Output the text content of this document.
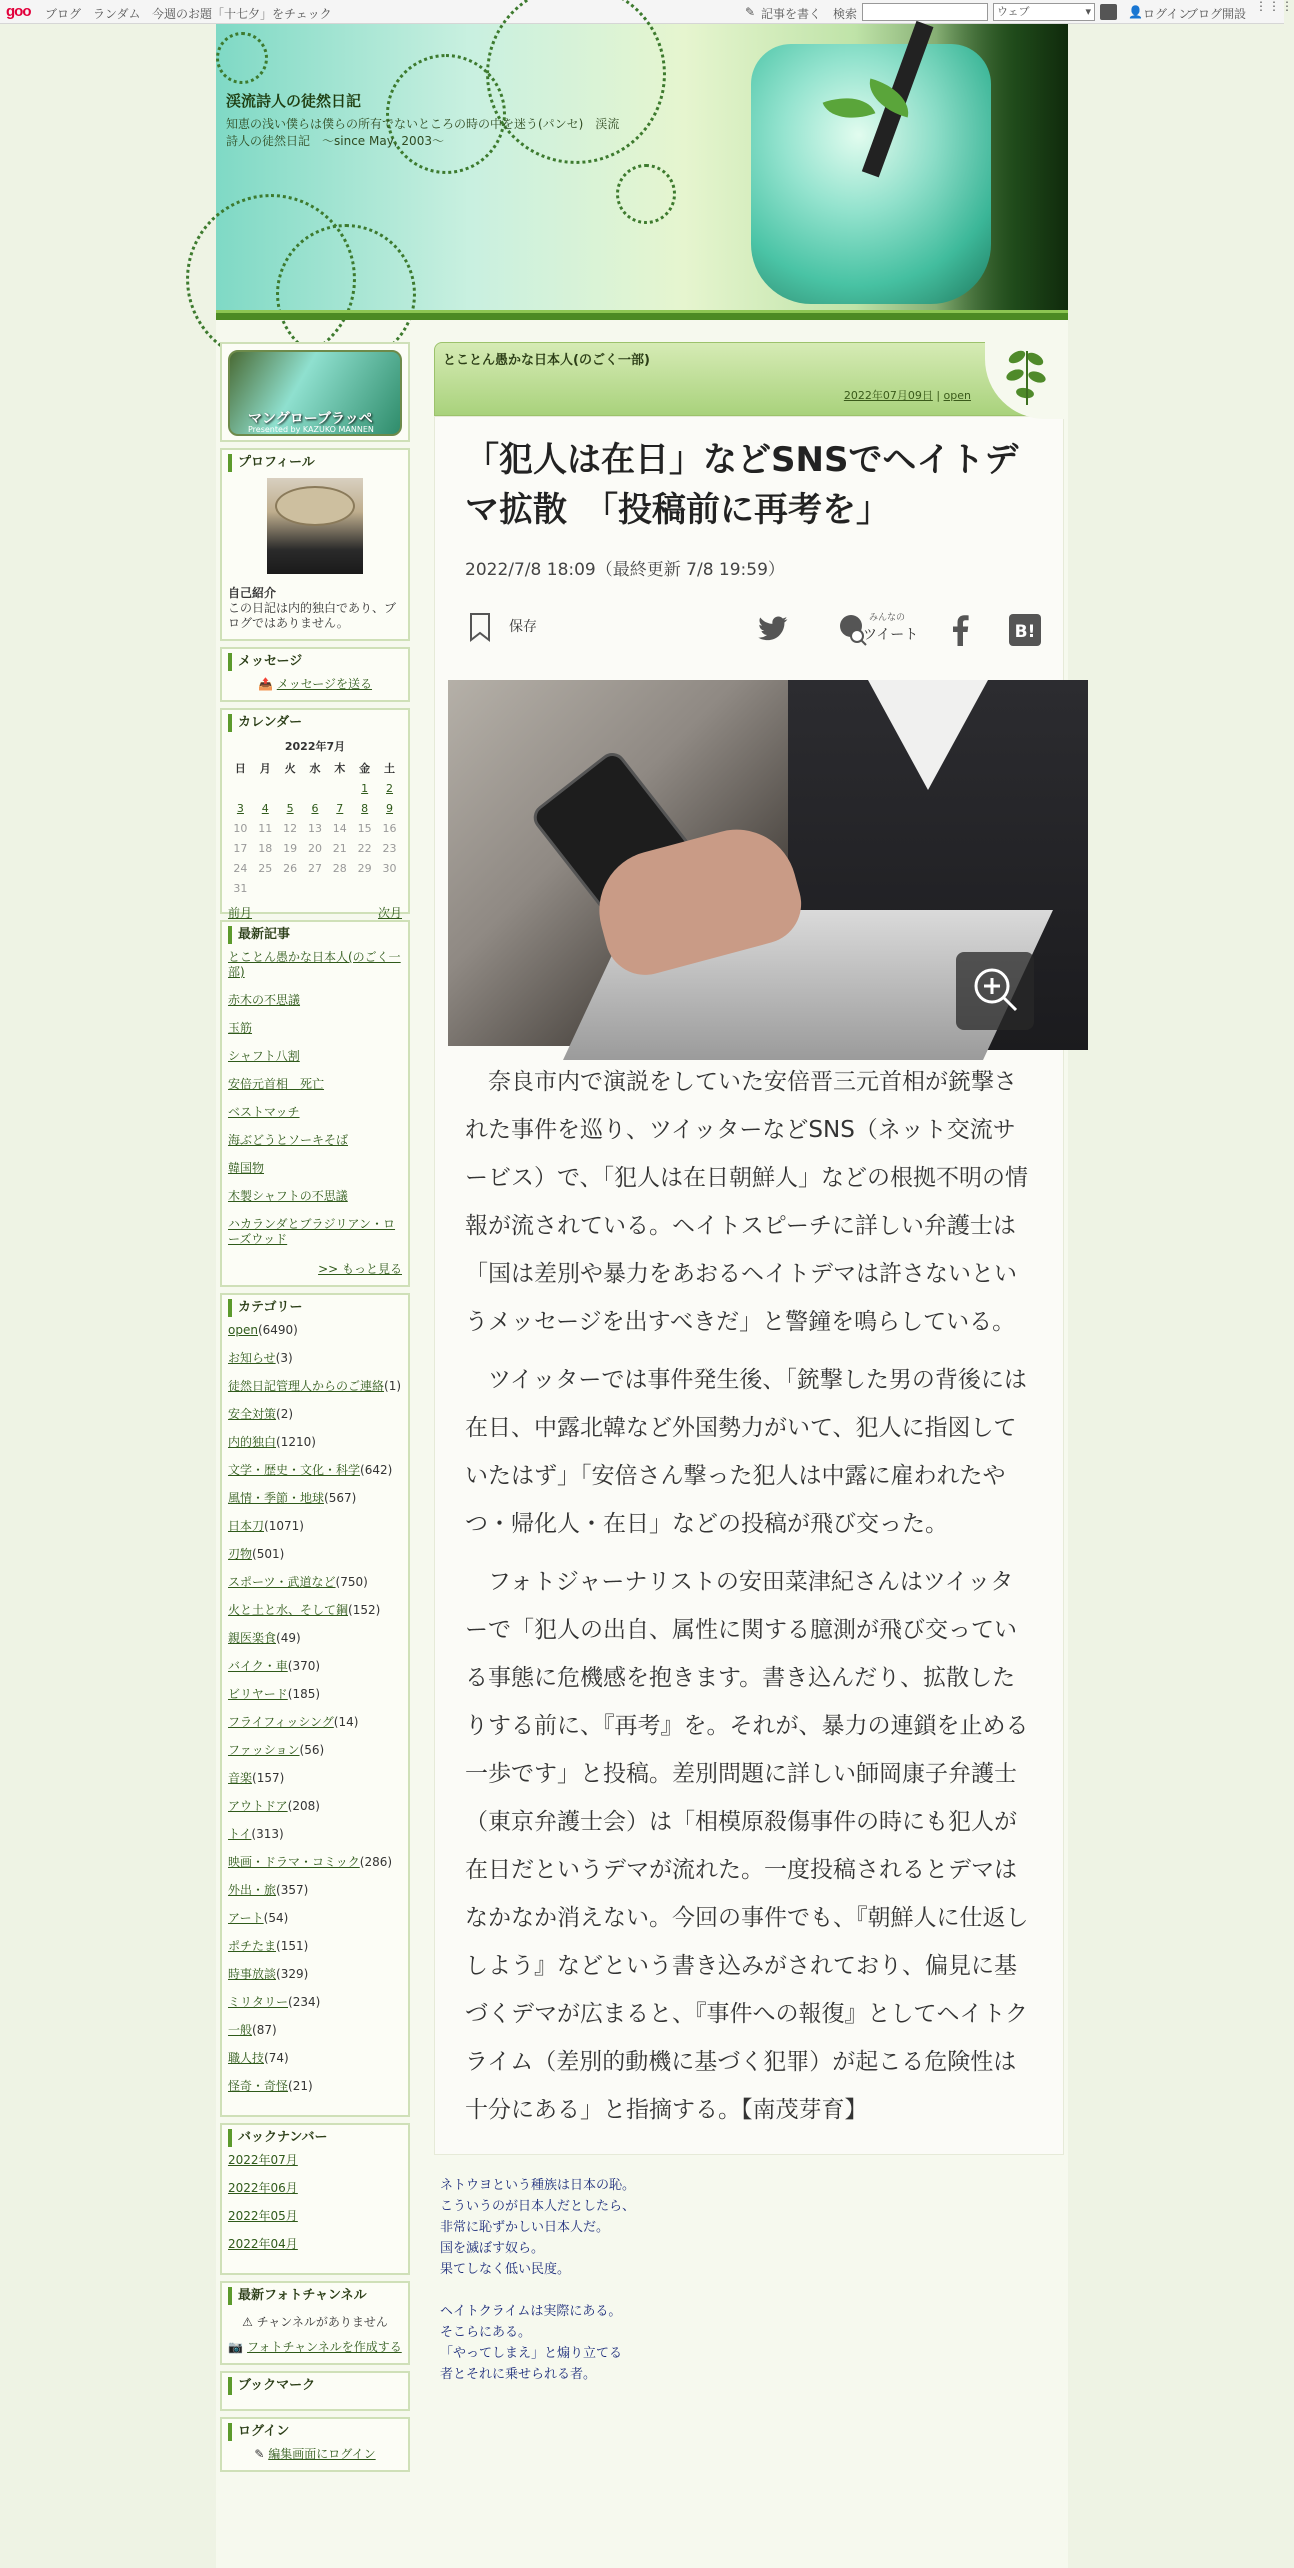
goo ブログ ランダム 今週のお題「十七夕」をチェック	✎ 記事を書く 検索	ウェブ	▾	👤 ログイン
ブログ開設
⋮⋮⋮
渓流詩人の徒然日記
知恵の浅い僕らは僕らの所有でないところの時の中を迷う(パンセ)　渓流詩人の徒然日記　～since May, 2003～
マングローブラッペ
Presented by KAZUKO MANNEN
プロフィール
自己紹介
この日記は内的独白であり、ブログではありません。
メッセージ
📤 メッセージを送る
カレンダー
2022年7月
日	月	火	水	木	金	土
					1	2
3	4	5	6	7	8	9
10	11	12	13	14	15	16
17	18	19	20	21	22	23
24	25	26	27	28	29	30
31						
前月	次月
最新記事
とことん愚かな日本人(のごく一部)
赤木の不思議
玉筋
シャフト八割
安倍元首相　死亡
ベストマッチ
海ぶどうとソーキそば
韓国物
木製シャフトの不思議
ハカランダとブラジリアン・ローズウッド
>> もっと見る
カテゴリー
open(6490)
お知らせ(3)
徒然日記管理人からのご連絡(1)
安全対策(2)
内的独白(1210)
文学・歴史・文化・科学(642)
風情・季節・地球(567)
日本刀(1071)
刃物(501)
スポーツ・武道など(750)
火と土と水、そして鋼(152)
親医楽食(49)
バイク・車(370)
ビリヤード(185)
フライフィッシング(14)
ファッション(56)
音楽(157)
アウトドア(208)
トイ(313)
映画・ドラマ・コミック(286)
外出・旅(357)
アート(54)
ポチたま(151)
時事放談(329)
ミリタリー(234)
一般(87)
職人技(74)
怪奇・奇怪(21)
バックナンバー
2022年07月
2022年06月
2022年05月
2022年04月
最新フォトチャンネル
⚠ チャンネルがありません
📷 フォトチャンネルを作成する
ブックマーク
ログイン
✎ 編集画面にログイン
とことん愚かな日本人(のごく一部)
2022年07月09日 | open
「犯人は在日」などSNSでヘイトデマ拡散　「投稿前に再考を」
2022/7/8 18:09（最終更新 7/8 19:59）
保存
みんなの
ツイート	B!

奈良市内で演説をしていた安倍晋三元首相が銃撃された事件を巡り、ツイッターなどSNS（ネット交流サービス）で、「犯人は在日朝鮮人」などの根拠不明の情報が流されている。ヘイトスピーチに詳しい弁護士は「国は差別や暴力をあおるヘイトデマは許さないというメッセージを出すべきだ」と警鐘を鳴らしている。

ツイッターでは事件発生後、「銃撃した男の背後には在日、中露北韓など外国勢力がいて、犯人に指図していたはず」「安倍さん撃った犯人は中露に雇われたやつ・帰化人・在日」などの投稿が飛び交った。

フォトジャーナリストの安田菜津紀さんはツイッターで「犯人の出自、属性に関する臆測が飛び交っている事態に危機感を抱きます。書き込んだり、拡散したりする前に、『再考』を。それが、暴力の連鎖を止める一歩です」と投稿。差別問題に詳しい師岡康子弁護士（東京弁護士会）は「相模原殺傷事件の時にも犯人が在日だというデマが流れた。一度投稿されるとデマはなかなか消えない。今回の事件でも、『朝鮮人に仕返ししよう』などという書き込みがされており、偏見に基づくデマが広まると、『事件への報復』としてヘイトクライム（差別的動機に基づく犯罪）が起こる危険性は十分にある」と指摘する。【南茂芽育】

ネトウヨという種族は日本の恥。
こういうのが日本人だとしたら、
非常に恥ずかしい日本人だ。
国を滅ぼす奴ら。
果てしなく低い民度。
ヘイトクライムは実際にある。
そこらにある。
「やってしまえ」と煽り立てる
者とそれに乗せられる者。
